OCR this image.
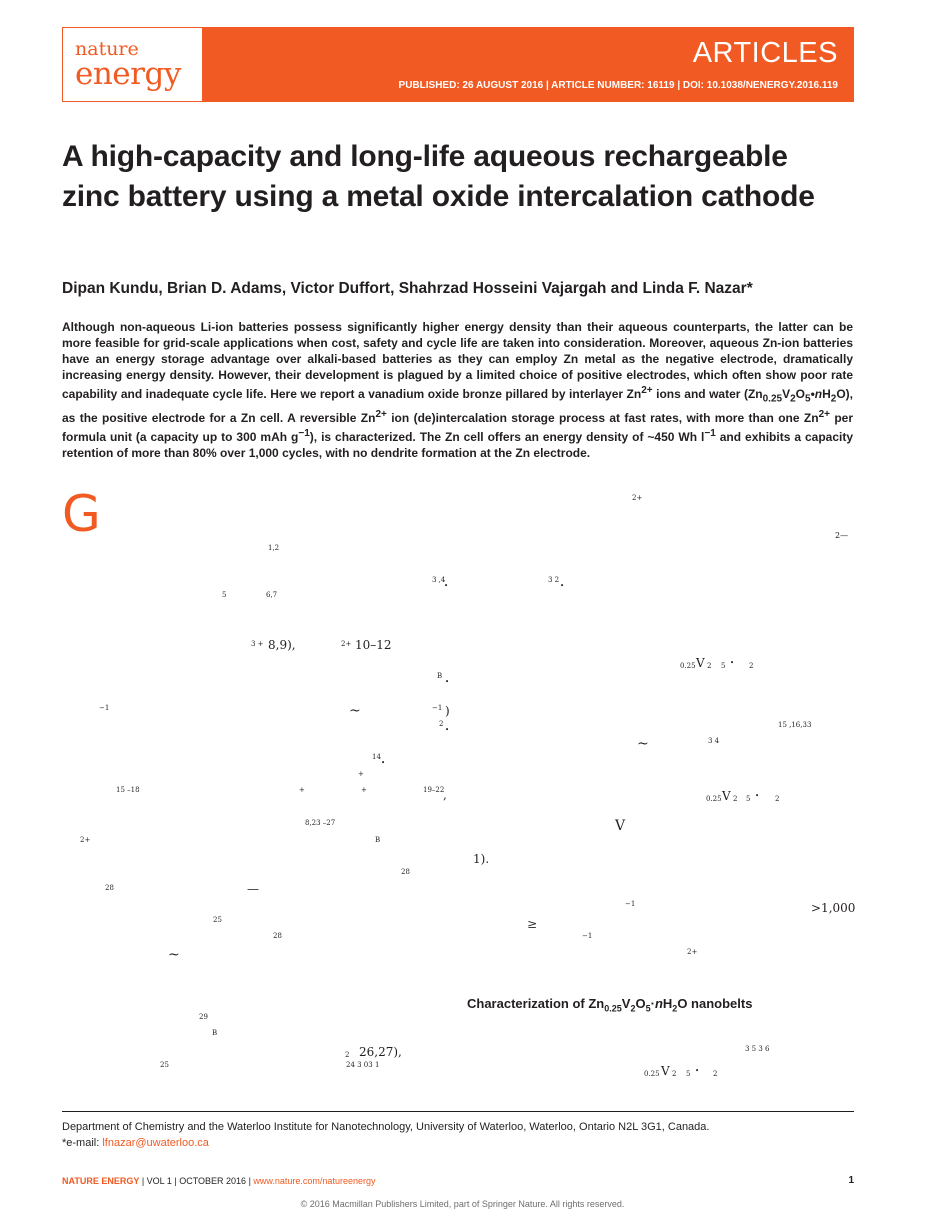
nature
energy
ARTICLES
PUBLISHED: 26 AUGUST 2016 | ARTICLE NUMBER: 16119 | DOI: 10.1038/NENERGY.2016.119
A high-capacity and long-life aqueous rechargeable zinc battery using a metal oxide intercalation cathode
Dipan Kundu, Brian D. Adams, Victor Duffort, Shahrzad Hosseini Vajargah and Linda F. Nazar*

Although non-aqueous Li-ion batteries possess significantly higher energy density than their aqueous counterparts, the latter can be more feasible for grid-scale applications when cost, safety and cycle life are taken into consideration. Moreover, aqueous Zn-ion batteries have an energy storage advantage over alkali-based batteries as they can employ Zn metal as the negative electrode, dramatically increasing energy density. However, their development is plagued by a limited choice of positive electrodes, which often show poor rate capability and inadequate cycle life. Here we report a vanadium oxide bronze pillared by interlayer $Zn^{2+}$ ions and water $(Zn_{0.25}V_2O_5•nH_2O)$, as the positive electrode for a Zn cell. A reversible $Zn^{2+}$ ion (de)intercalation storage process at fast rates, with more than one $Zn^{2+}$ per formula unit (a capacity up to 300 mAh $g^{-1}$), is characterized. The Zn cell offers an energy density of ~450 Wh $l^{-1}$ and exhibits a capacity retention of more than 80% over 1,000 cycles, with no dendrite formation at the Zn electrode.

G	2+
1,2
2—
3 ,4
•
3 2
•
5	6,7
3 + 8,9),	2+ 10–12
B
•
0.25 V 2 5 • 2
−1	~	−1 )
2
•
15 ,16,33
~	3 4
14
•
+
15 –18	+	+	19–22
,	0.25 V 2 5 • 2
8,23 –27	V
2+	B
1).
28
28	—
−1	>1,000
25	≥
28	−1
~	2+
29
B
2 26,27),	3 5 3 6
25	24 3 03 1
0.25 V 2 5 • 2
Characterization of $Zn_{0.25}V_2O_5\cdot nH_2O$ nanobelts
Department of Chemistry and the Waterloo Institute for Nanotechnology, University of Waterloo, Waterloo, Ontario N2L 3G1, Canada.
*e-mail: lfnazar@uwaterloo.ca
NATURE ENERGY | VOL 1 | OCTOBER 2016 | www.nature.com/natureenergy	1
© 2016 Macmillan Publishers Limited, part of Springer Nature. All rights reserved.
